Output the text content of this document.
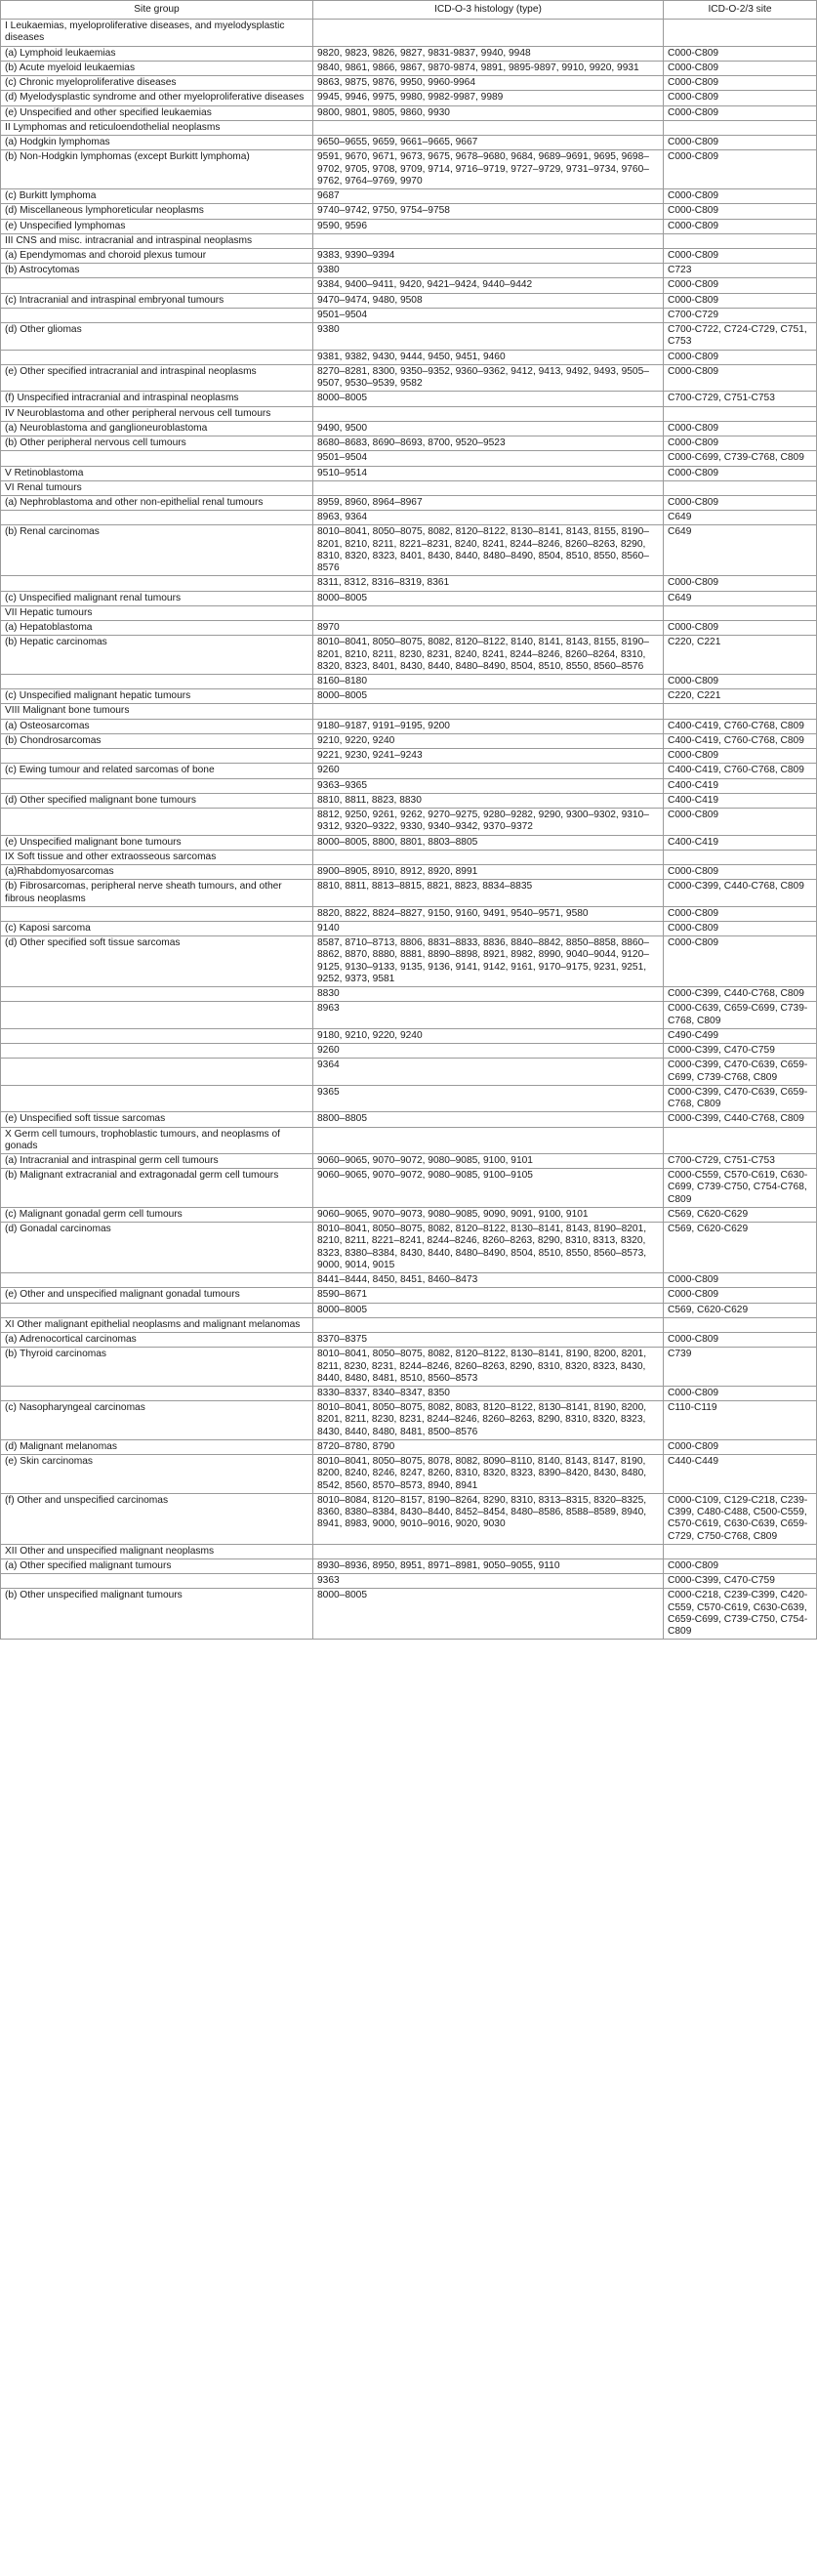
Site group	ICD-O-3 histology (type)	ICD-O-2/3 site
I Leukaemias, myeloproliferative diseases, and myelodysplastic diseases		
(a) Lymphoid leukaemias	9820, 9823, 9826, 9827, 9831-9837, 9940, 9948	C000-C809
(b) Acute myeloid leukaemias	9840, 9861, 9866, 9867, 9870-9874, 9891, 9895-9897, 9910, 9920, 9931	C000-C809
(c) Chronic myeloproliferative diseases	9863, 9875, 9876, 9950, 9960-9964	C000-C809
(d) Myelodysplastic syndrome and other myeloproliferative diseases	9945, 9946, 9975, 9980, 9982-9987, 9989	C000-C809
(e) Unspecified and other specified leukaemias	9800, 9801, 9805, 9860, 9930	C000-C809
II Lymphomas and reticuloendothelial neoplasms		
(a) Hodgkin lymphomas	9650–9655, 9659, 9661–9665, 9667	C000-C809
(b) Non-Hodgkin lymphomas (except Burkitt lymphoma)	9591, 9670, 9671, 9673, 9675, 9678–9680, 9684, 9689–9691, 9695, 9698–9702, 9705, 9708, 9709, 9714, 9716–9719, 9727–9729, 9731–9734, 9760–9762, 9764–9769, 9970	C000-C809
(c) Burkitt lymphoma	9687	C000-C809
(d) Miscellaneous lymphoreticular neoplasms	9740–9742, 9750, 9754–9758	C000-C809
(e) Unspecified lymphomas	9590, 9596	C000-C809
III CNS and misc. intracranial and intraspinal neoplasms		
(a) Ependymomas and choroid plexus tumour	9383, 9390–9394	C000-C809
(b) Astrocytomas	9380	C723
	9384, 9400–9411, 9420, 9421–9424, 9440–9442	C000-C809
(c) Intracranial and intraspinal embryonal tumours	9470–9474, 9480, 9508	C000-C809
	9501–9504	C700-C729
(d) Other gliomas	9380	C700-C722, C724-C729, C751, C753
	9381, 9382, 9430, 9444, 9450, 9451, 9460	C000-C809
(e) Other specified intracranial and intraspinal neoplasms	8270–8281, 8300, 9350–9352, 9360–9362, 9412, 9413, 9492, 9493, 9505–9507, 9530–9539, 9582	C000-C809
(f) Unspecified intracranial and intraspinal neoplasms	8000–8005	C700-C729, C751-C753
IV Neuroblastoma and other peripheral nervous cell tumours		
(a) Neuroblastoma and ganglioneuroblastoma	9490, 9500	C000-C809
(b) Other peripheral nervous cell tumours	8680–8683, 8690–8693, 8700, 9520–9523	C000-C809
	9501–9504	C000-C699, C739-C768, C809
V Retinoblastoma	9510–9514	C000-C809
VI Renal tumours		
(a) Nephroblastoma and other non-epithelial renal tumours	8959, 8960, 8964–8967	C000-C809
	8963, 9364	C649
(b) Renal carcinomas	8010–8041, 8050–8075, 8082, 8120–8122, 8130–8141, 8143, 8155, 8190–8201, 8210, 8211, 8221–8231, 8240, 8241, 8244–8246, 8260–8263, 8290, 8310, 8320, 8323, 8401, 8430, 8440, 8480–8490, 8504, 8510, 8550, 8560–8576	C649
	8311, 8312, 8316–8319, 8361	C000-C809
(c) Unspecified malignant renal tumours	8000–8005	C649
VII Hepatic tumours		
(a) Hepatoblastoma	8970	C000-C809
(b) Hepatic carcinomas	8010–8041, 8050–8075, 8082, 8120–8122, 8140, 8141, 8143, 8155, 8190–8201, 8210, 8211, 8230, 8231, 8240, 8241, 8244–8246, 8260–8264, 8310, 8320, 8323, 8401, 8430, 8440, 8480–8490, 8504, 8510, 8550, 8560–8576	C220, C221
	8160–8180	C000-C809
(c) Unspecified malignant hepatic tumours	8000–8005	C220, C221
VIII Malignant bone tumours		
(a) Osteosarcomas	9180–9187, 9191–9195, 9200	C400-C419, C760-C768, C809
(b) Chondrosarcomas	9210, 9220, 9240	C400-C419, C760-C768, C809
	9221, 9230, 9241–9243	C000-C809
(c) Ewing tumour and related sarcomas of bone	9260	C400-C419, C760-C768, C809
	9363–9365	C400-C419
(d) Other specified malignant bone tumours	8810, 8811, 8823, 8830	C400-C419
	8812, 9250, 9261, 9262, 9270–9275, 9280–9282, 9290, 9300–9302, 9310–9312, 9320–9322, 9330, 9340–9342, 9370–9372	C000-C809
(e) Unspecified malignant bone tumours	8000–8005, 8800, 8801, 8803–8805	C400-C419
IX Soft tissue and other extraosseous sarcomas		
(a)Rhabdomyosarcomas	8900–8905, 8910, 8912, 8920, 8991	C000-C809
(b) Fibrosarcomas, peripheral nerve sheath tumours, and other fibrous neoplasms	8810, 8811, 8813–8815, 8821, 8823, 8834–8835	C000-C399, C440-C768, C809
	8820, 8822, 8824–8827, 9150, 9160, 9491, 9540–9571, 9580	C000-C809
(c) Kaposi sarcoma	9140	C000-C809
(d) Other specified soft tissue sarcomas	8587, 8710–8713, 8806, 8831–8833, 8836, 8840–8842, 8850–8858, 8860–8862, 8870, 8880, 8881, 8890–8898, 8921, 8982, 8990, 9040–9044, 9120–9125, 9130–9133, 9135, 9136, 9141, 9142, 9161, 9170–9175, 9231, 9251, 9252, 9373, 9581	C000-C809
	8830	C000-C399, C440-C768, C809
	8963	C000-C639, C659-C699, C739-C768, C809
	9180, 9210, 9220, 9240	C490-C499
	9260	C000-C399, C470-C759
	9364	C000-C399, C470-C639, C659-C699, C739-C768, C809
	9365	C000-C399, C470-C639, C659-C768, C809
(e) Unspecified soft tissue sarcomas	8800–8805	C000-C399, C440-C768, C809
X Germ cell tumours, trophoblastic tumours, and neoplasms of gonads		
(a) Intracranial and intraspinal germ cell tumours	9060–9065, 9070–9072, 9080–9085, 9100, 9101	C700-C729, C751-C753
(b) Malignant extracranial and extragonadal germ cell tumours	9060–9065, 9070–9072, 9080–9085, 9100–9105	C000-C559, C570-C619, C630-C699, C739-C750, C754-C768, C809
(c) Malignant gonadal germ cell tumours	9060–9065, 9070–9073, 9080–9085, 9090, 9091, 9100, 9101	C569, C620-C629
(d) Gonadal carcinomas	8010–8041, 8050–8075, 8082, 8120–8122, 8130–8141, 8143, 8190–8201, 8210, 8211, 8221–8241, 8244–8246, 8260–8263, 8290, 8310, 8313, 8320, 8323, 8380–8384, 8430, 8440, 8480–8490, 8504, 8510, 8550, 8560–8573, 9000, 9014, 9015	C569, C620-C629
	8441–8444, 8450, 8451, 8460–8473	C000-C809
(e) Other and unspecified malignant gonadal tumours	8590–8671	C000-C809
	8000–8005	C569, C620-C629
XI Other malignant epithelial neoplasms and malignant melanomas		
(a) Adrenocortical carcinomas	8370–8375	C000-C809
(b) Thyroid carcinomas	8010–8041, 8050–8075, 8082, 8120–8122, 8130–8141, 8190, 8200, 8201, 8211, 8230, 8231, 8244–8246, 8260–8263, 8290, 8310, 8320, 8323, 8430, 8440, 8480, 8481, 8510, 8560–8573	C739
	8330–8337, 8340–8347, 8350	C000-C809
(c) Nasopharyngeal carcinomas	8010–8041, 8050–8075, 8082, 8083, 8120–8122, 8130–8141, 8190, 8200, 8201, 8211, 8230, 8231, 8244–8246, 8260–8263, 8290, 8310, 8320, 8323, 8430, 8440, 8480, 8481, 8500–8576	C110-C119
(d) Malignant melanomas	8720–8780, 8790	C000-C809
(e) Skin carcinomas	8010–8041, 8050–8075, 8078, 8082, 8090–8110, 8140, 8143, 8147, 8190, 8200, 8240, 8246, 8247, 8260, 8310, 8320, 8323, 8390–8420, 8430, 8480, 8542, 8560, 8570–8573, 8940, 8941	C440-C449
(f) Other and unspecified carcinomas	8010–8084, 8120–8157, 8190–8264, 8290, 8310, 8313–8315, 8320–8325, 8360, 8380–8384, 8430–8440, 8452–8454, 8480–8586, 8588–8589, 8940, 8941, 8983, 9000, 9010–9016, 9020, 9030	C000-C109, C129-C218, C239-C399, C480-C488, C500-C559, C570-C619, C630-C639, C659-C729, C750-C768, C809
XII Other and unspecified malignant neoplasms		
(a) Other specified malignant tumours	8930–8936, 8950, 8951, 8971–8981, 9050–9055, 9110	C000-C809
	9363	C000-C399, C470-C759
(b) Other unspecified malignant tumours	8000–8005	C000-C218, C239-C399, C420-C559, C570-C619, C630-C639, C659-C699, C739-C750, C754-C809
